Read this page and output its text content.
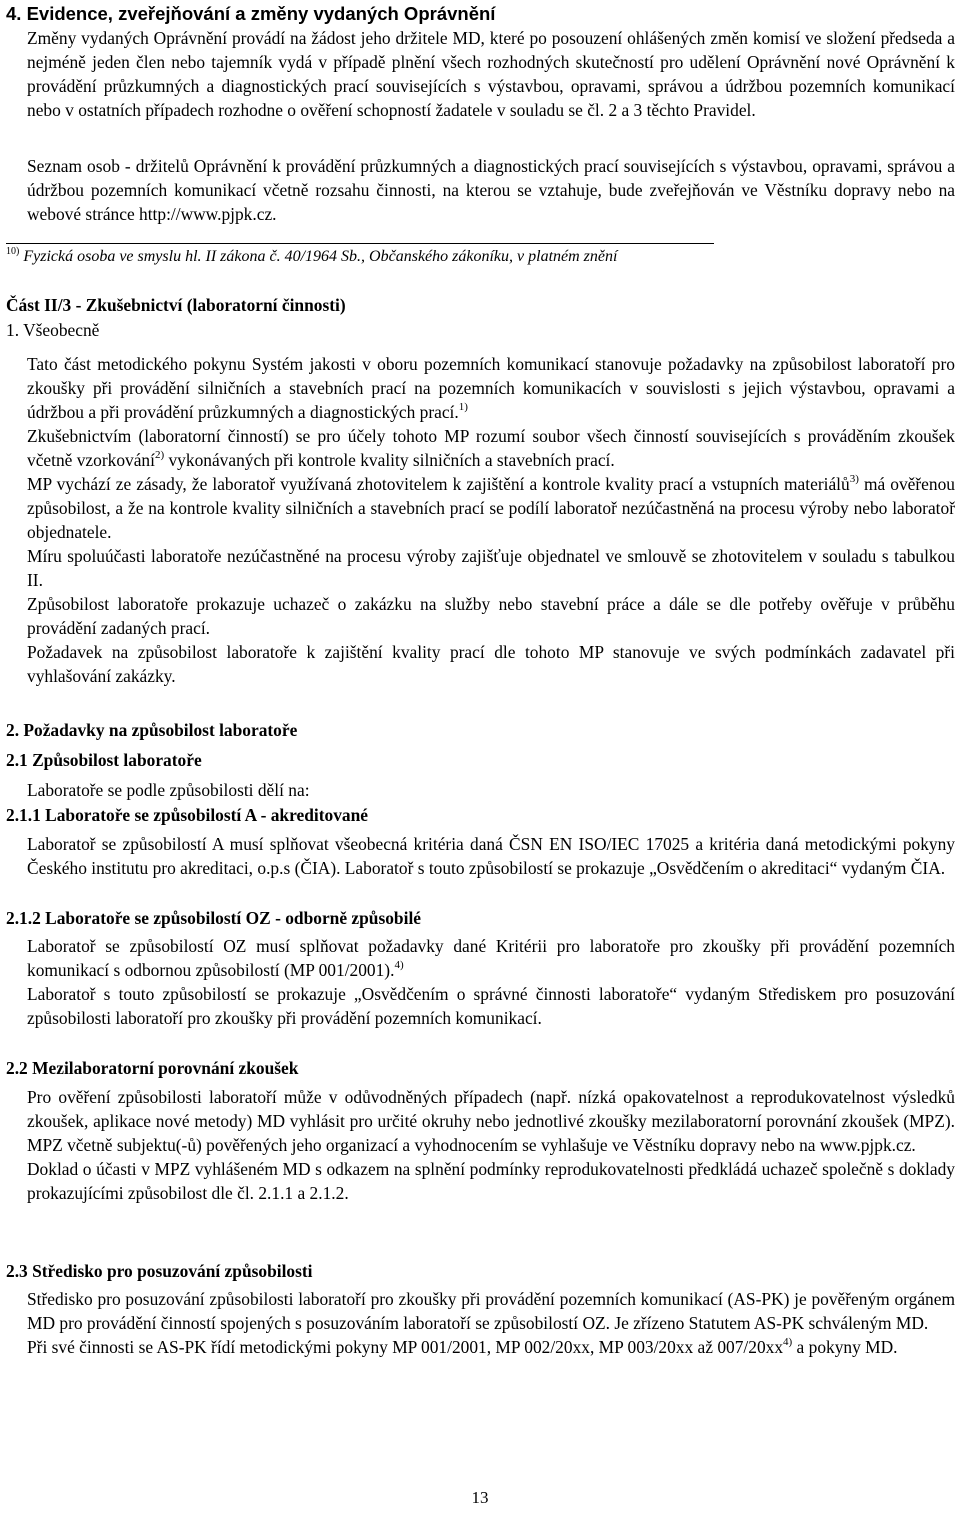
4. Evidence, zveřejňování a změny vydaných Oprávnění

Změny vydaných Oprávnění provádí na žádost jeho držitele MD, které po posouzení ohlášených změn komisí ve složení předseda a nejméně jeden člen nebo tajemník vydá v případě plnění všech rozhodných skutečností pro udělení Oprávnění nové Oprávnění k provádění průzkumných a diagnostických prací souvisejících s výstavbou, opravami, správou a údržbou pozemních komunikací nebo v ostatních případech rozhodne o ověření schopností žadatele v souladu se čl. 2 a 3 těchto Pravidel.

Seznam osob - držitelů Oprávnění k provádění průzkumných a diagnostických prací souvisejících s výstavbou, opravami, správou a údržbou pozemních komunikací včetně rozsahu činnosti, na kterou se vztahuje, bude zveřejňován ve Věstníku dopravy nebo na webové stránce http://www.pjpk.cz.

$^{10)}$ Fyzická osoba ve smyslu hl. II zákona č. 40/1964 Sb., Občanského zákoníku, v platném znění
Část II/3 - Zkušebnictví (laboratorní činnosti)
1. Všeobecně

Tato část metodického pokynu Systém jakosti v oboru pozemních komunikací stanovuje požadavky na způsobilost laboratoří pro zkoušky při provádění silničních a stavebních prací na pozemních komunikacích v souvislosti s jejich výstavbou, opravami a údržbou a při provádění průzkumných a diagnostických prací.$^{1)}$

Zkušebnictvím (laboratorní činností) se pro účely tohoto MP rozumí soubor všech činností souvisejících s prováděním zkoušek včetně vzorkování$^{2)}$ vykonávaných při kontrole kvality silničních a stavebních prací.

MP vychází ze zásady, že laboratoř využívaná zhotovitelem k zajištění a kontrole kvality prací a vstupních materiálů$^{3)}$ má ověřenou způsobilost, a že na kontrole kvality silničních a stavebních prací se podílí laboratoř nezúčastněná na procesu výroby nebo laboratoř objednatele.

Míru spoluúčasti laboratoře nezúčastněné na procesu výroby zajišťuje objednatel ve smlouvě se zhotovitelem v souladu s tabulkou II.

Způsobilost laboratoře prokazuje uchazeč o zakázku na služby nebo stavební práce a dále se dle potřeby ověřuje v průběhu provádění zadaných prací.

Požadavek na způsobilost laboratoře k zajištění kvality prací dle tohoto MP stanovuje ve svých podmínkách zadavatel při vyhlašování zakázky.

2. Požadavky na způsobilost laboratoře
2.1 Způsobilost laboratoře

Laboratoře se podle způsobilosti dělí na:

2.1.1 Laboratoře se způsobilostí A - akreditované

Laboratoř se způsobilostí A musí splňovat všeobecná kritéria daná ČSN EN ISO/IEC 17025 a kritéria daná metodickými pokyny Českého institutu pro akreditaci, o.p.s (ČIA). Laboratoř s touto způsobilostí se prokazuje „Osvědčením o akreditaci“ vydaným ČIA.

2.1.2 Laboratoře se způsobilostí OZ - odborně způsobilé

Laboratoř se způsobilostí OZ musí splňovat požadavky dané Kritérii pro laboratoře pro zkoušky při provádění pozemních komunikací s odbornou způsobilostí (MP 001/2001).$^{4)}$

Laboratoř s touto způsobilostí se prokazuje „Osvědčením o správné činnosti laboratoře“ vydaným Střediskem pro posuzování způsobilosti laboratoří pro zkoušky při provádění pozemních komunikací.

2.2 Mezilaboratorní porovnání zkoušek

Pro ověření způsobilosti laboratoří může v odůvodněných případech (např. nízká opakovatelnost a reprodukovatelnost výsledků zkoušek, aplikace nové metody) MD vyhlásit pro určité okruhy nebo jednotlivé zkoušky mezilaboratorní porovnání zkoušek (MPZ). MPZ včetně subjektu(-ů) pověřených jeho organizací a vyhodnocením se vyhlašuje ve Věstníku dopravy nebo na www.pjpk.cz.

Doklad o účasti v MPZ vyhlášeném MD s odkazem na splnění podmínky reprodukovatelnosti předkládá uchazeč společně s doklady prokazujícími způsobilost dle čl. 2.1.1 a 2.1.2.

2.3 Středisko pro posuzování způsobilosti

Středisko pro posuzování způsobilosti laboratoří pro zkoušky při provádění pozemních komunikací (AS-PK) je pověřeným orgánem MD pro provádění činností spojených s posuzováním laboratoří se způsobilostí OZ. Je zřízeno Statutem AS-PK schváleným MD.

Při své činnosti se AS-PK řídí metodickými pokyny MP 001/2001, MP 002/20xx, MP 003/20xx až $007/20xx^{4)}$ a pokyny MD.

13
